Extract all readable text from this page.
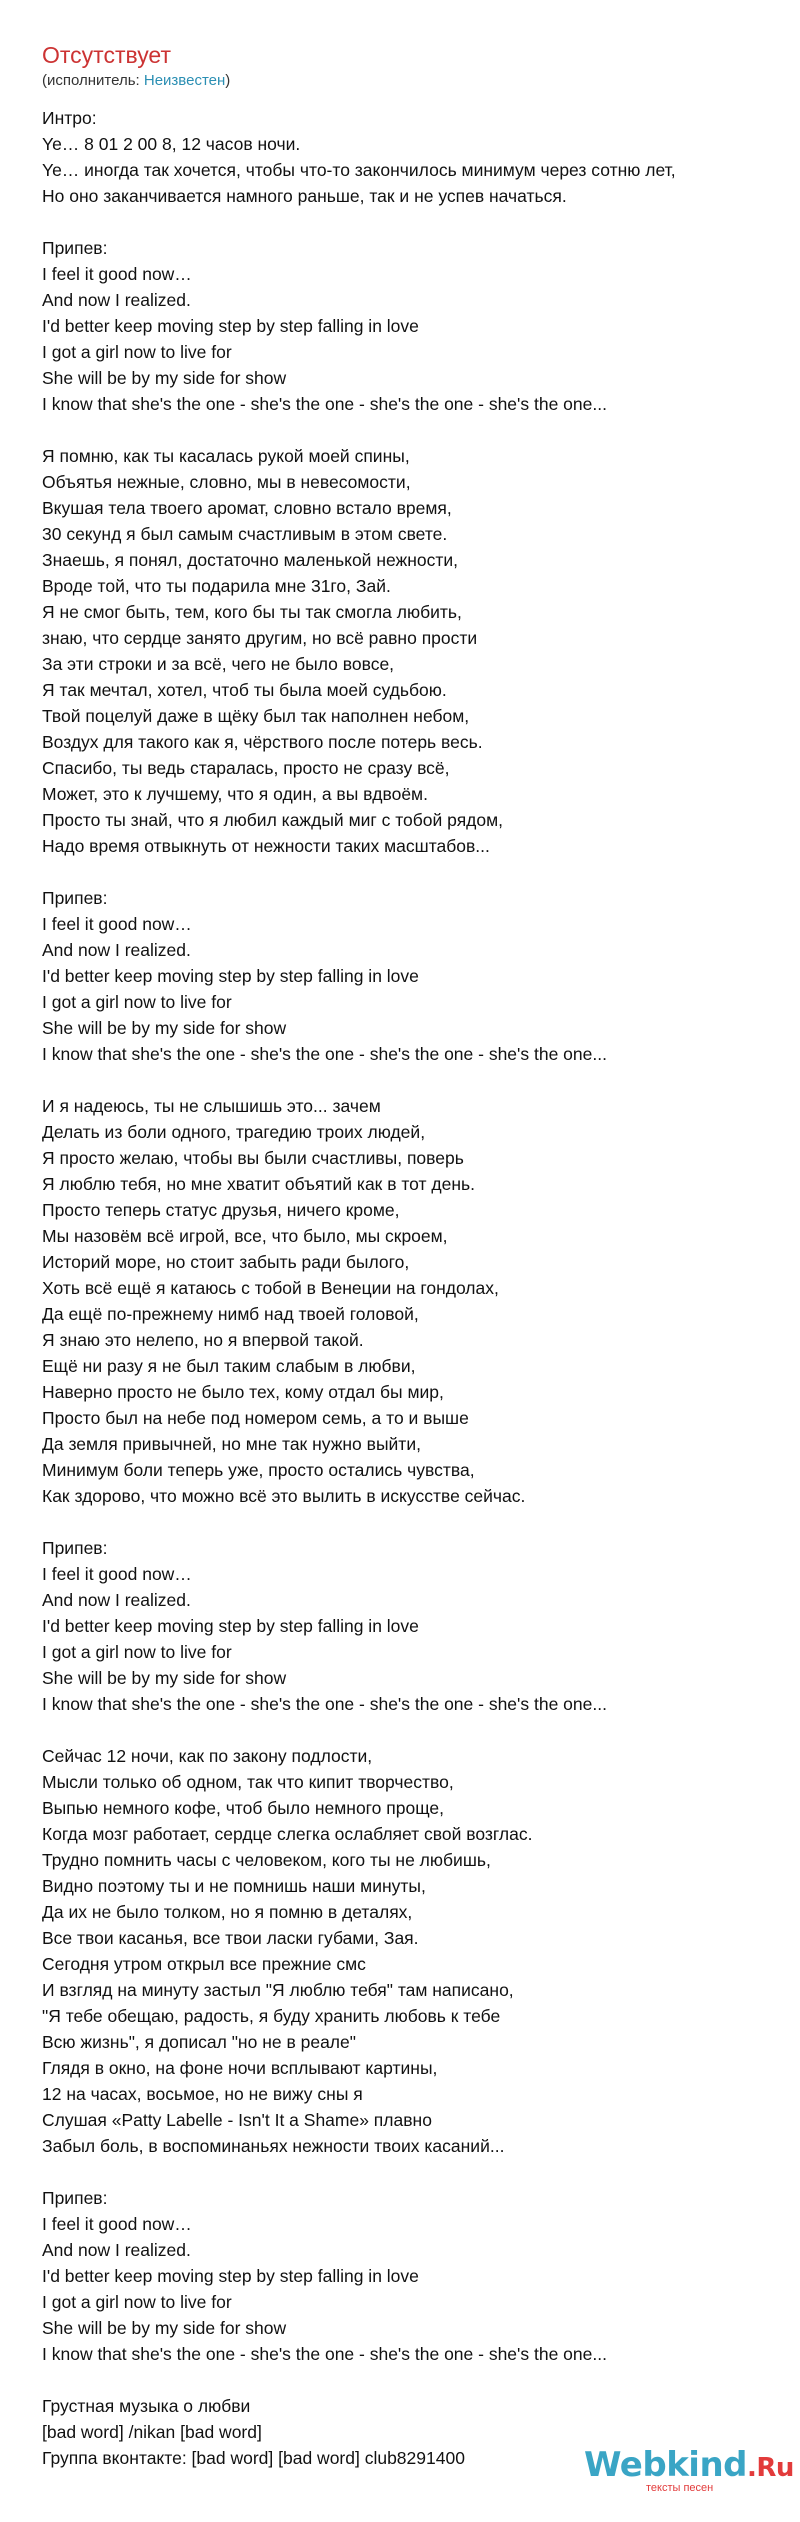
Отсутствует
(исполнитель: Неизвестен)
Интро:
Ye… 8 01 2 00 8, 12 часов ночи.
Ye… иногда так хочется, чтобы что-то закончилось минимум через сотню лет,
Но оно заканчивается намного раньше, так и не успев начаться.
Припев:
I feel it good now…
And now I realized.
I'd better keep moving step by step falling in love
I got a girl now to live for
She will be by my side for show
I know that she's the one - she's the one - she's the one - she's the one...
Я помню, как ты касалась рукой моей спины,
Объятья нежные, словно, мы в невесомости,
Вкушая тела твоего аромат, словно встало время,
30 секунд я был самым счастливым в этом свете.
Знаешь, я понял, достаточно маленькой нежности,
Вроде той, что ты подарила мне 31го, Зай.
Я не смог быть, тем, кого бы ты так смогла любить,
знаю, что сердце занято другим, но всё равно прости
За эти строки и за всё, чего не было вовсе,
Я так мечтал, хотел, чтоб ты была моей судьбою.
Твой поцелуй даже в щёку был так наполнен небом,
Воздух для такого как я, чёрствого после потерь весь.
Спасибо, ты ведь старалась, просто не сразу всё,
Может, это к лучшему, что я один, а вы вдвоём.
Просто ты знай, что я любил каждый миг с тобой рядом,
Надо время отвыкнуть от нежности таких масштабов...
Припев:
I feel it good now…
And now I realized.
I'd better keep moving step by step falling in love
I got a girl now to live for
She will be by my side for show
I know that she's the one - she's the one - she's the one - she's the one...
И я надеюсь, ты не слышишь это... зачем
Делать из боли одного, трагедию троих людей,
Я просто желаю, чтобы вы были счастливы, поверь
Я люблю тебя, но мне хватит объятий как в тот день.
Просто теперь статус друзья, ничего кроме,
Мы назовём всё игрой, все, что было, мы скроем,
Историй море, но стоит забыть ради былого,
Хоть всё ещё я катаюсь с тобой в Венеции на гондолах,
Да ещё по-прежнему нимб над твоей головой,
Я знаю это нелепо, но я впервой такой.
Ещё ни разу я не был таким слабым в любви,
Наверно просто не было тех, кому отдал бы мир,
Просто был на небе под номером семь, а то и выше
Да земля привычней, но мне так нужно выйти,
Минимум боли теперь уже, просто остались чувства,
Как здорово, что можно всё это вылить в искусстве сейчас.
Припев:
I feel it good now…
And now I realized.
I'd better keep moving step by step falling in love
I got a girl now to live for
She will be by my side for show
I know that she's the one - she's the one - she's the one - she's the one...
Сейчас 12 ночи, как по закону подлости,
Мысли только об одном, так что кипит творчество,
Выпью немного кофе, чтоб было немного проще,
Когда мозг работает, сердце слегка ослабляет свой возглас.
Трудно помнить часы с человеком, кого ты не любишь,
Видно поэтому ты и не помнишь наши минуты,
Да их не было толком, но я помню в деталях,
Все твои касанья, все твои ласки губами, Зая.
Сегодня утром открыл все прежние смс
И взгляд на минуту застыл "Я люблю тебя" там написано,
"Я тебе обещаю, радость, я буду хранить любовь к тебе
Всю жизнь", я дописал "но не в реале"
Глядя в окно, на фоне ночи всплывают картины,
12 на часах, восьмое, но не вижу сны я
Слушая «Patty Labelle - Isn't It a Shame» плавно
Забыл боль, в воспоминаньях нежности твоих касаний...
Припев:
I feel it good now…
And now I realized.
I'd better keep moving step by step falling in love
I got a girl now to live for
She will be by my side for show
I know that she's the one - she's the one - she's the one - she's the one...
Грустная музыка о любви
[bad word] /nikan [bad word]
Группа вконтакте: [bad word] [bad word] club8291400	Webkind.Ru
тексты песен
